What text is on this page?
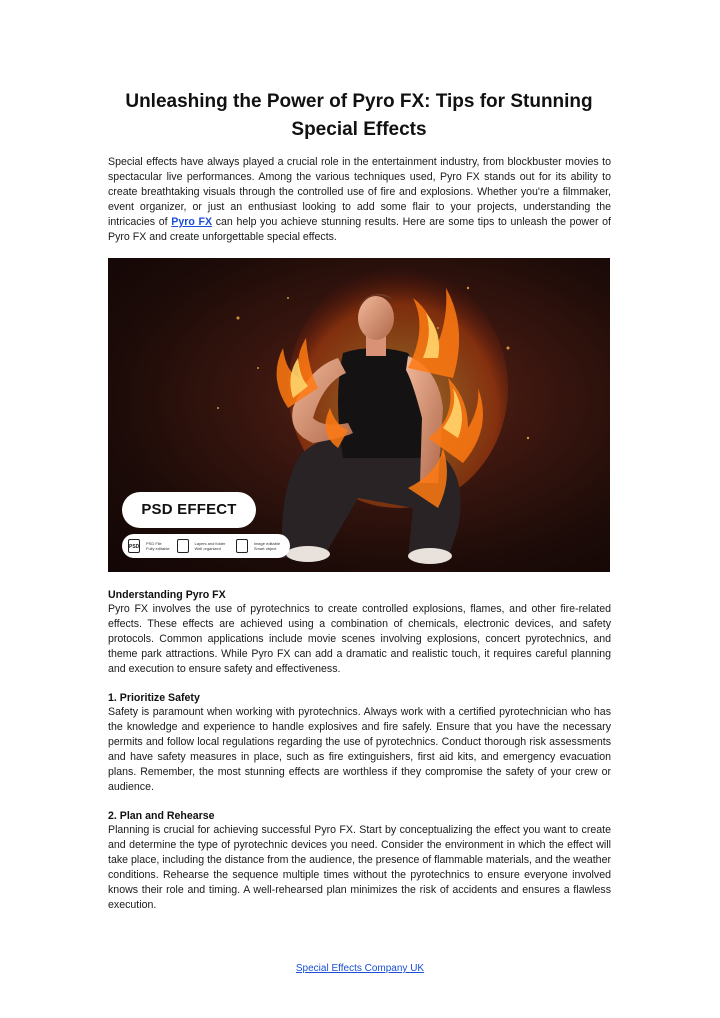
Unleashing the Power of Pyro FX: Tips for Stunning Special Effects
Special effects have always played a crucial role in the entertainment industry, from blockbuster movies to spectacular live performances. Among the various techniques used, Pyro FX stands out for its ability to create breathtaking visuals through the controlled use of fire and explosions. Whether you're a filmmaker, event organizer, or just an enthusiast looking to add some flair to your projects, understanding the intricacies of Pyro FX can help you achieve stunning results. Here are some tips to unleash the power of Pyro FX and create unforgettable special effects.
PSD EFFECT
PSD
PSD File Fully editable
Layers and folder Well organized
Image editable Smart object
Understanding Pyro FX
Pyro FX involves the use of pyrotechnics to create controlled explosions, flames, and other fire-related effects. These effects are achieved using a combination of chemicals, electronic devices, and safety protocols. Common applications include movie scenes involving explosions, concert pyrotechnics, and theme park attractions. While Pyro FX can add a dramatic and realistic touch, it requires careful planning and execution to ensure safety and effectiveness.
1. Prioritize Safety
Safety is paramount when working with pyrotechnics. Always work with a certified pyrotechnician who has the knowledge and experience to handle explosives and fire safely. Ensure that you have the necessary permits and follow local regulations regarding the use of pyrotechnics. Conduct thorough risk assessments and have safety measures in place, such as fire extinguishers, first aid kits, and emergency evacuation plans. Remember, the most stunning effects are worthless if they compromise the safety of your crew or audience.
2. Plan and Rehearse
Planning is crucial for achieving successful Pyro FX. Start by conceptualizing the effect you want to create and determine the type of pyrotechnic devices you need. Consider the environment in which the effect will take place, including the distance from the audience, the presence of flammable materials, and the weather conditions. Rehearse the sequence multiple times without the pyrotechnics to ensure everyone involved knows their role and timing. A well-rehearsed plan minimizes the risk of accidents and ensures a flawless execution.
Special Effects Company UK
